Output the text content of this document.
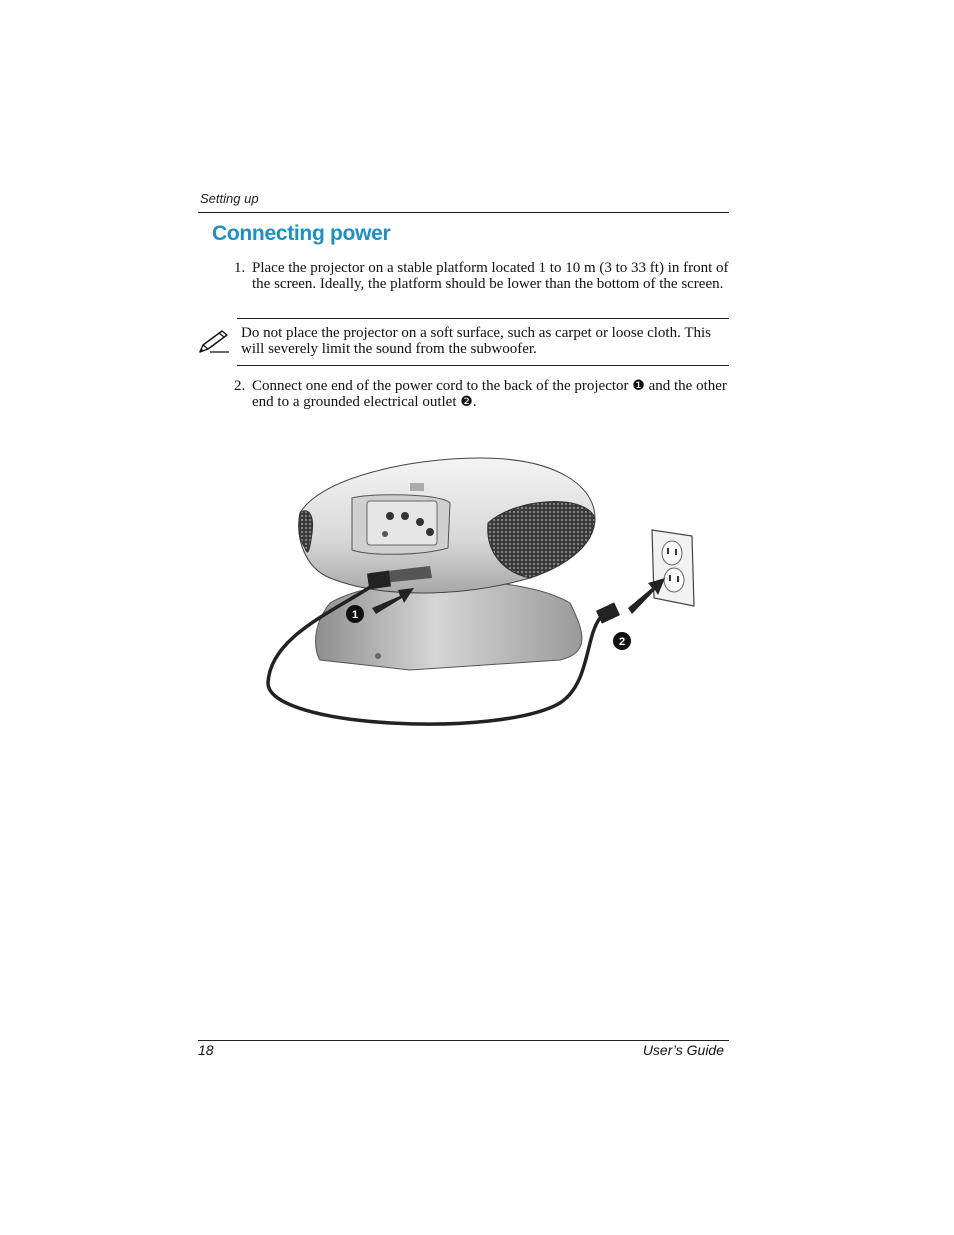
Setting up
Connecting power
1. Place the projector on a stable platform located 1 to 10 m (3 to 33 ft) in front of the screen. Ideally, the platform should be lower than the bottom of the screen.
Do not place the projector on a soft surface, such as carpet or loose cloth. This will severely limit the sound from the subwoofer.
2. Connect one end of the power cord to the back of the projector ❶ and the other end to a grounded electrical outlet ❷.
1
2
18	User’s Guide
